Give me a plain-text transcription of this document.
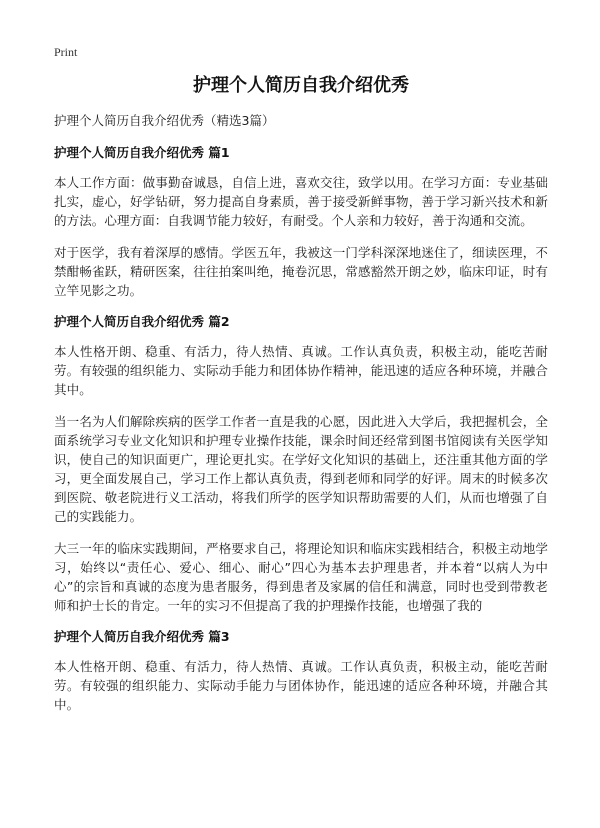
Print
护理个人简历自我介绍优秀

护理个人简历自我介绍优秀（精选3篇）

护理个人简历自我介绍优秀 篇1

本人工作方面：做事勤奋诚恳，自信上进，喜欢交往，致学以用。在学习方面：专业基础扎实，虚心，好学钻研，努力提高自身素质，善于接受新鲜事物，善于学习新兴技术和新的方法。心理方面：自我调节能力较好，有耐受。个人亲和力较好，善于沟通和交流。

对于医学，我有着深厚的感情。学医五年，我被这一门学科深深地迷住了，细读医理，不禁酣畅雀跃，精研医案，往往拍案叫绝，掩卷沉思，常感豁然开朗之妙，临床印证，时有立竿见影之功。

护理个人简历自我介绍优秀 篇2

本人性格开朗、稳重、有活力，待人热情、真诚。工作认真负责，积极主动，能吃苦耐劳。有较强的组织能力、实际动手能力和团体协作精神，能迅速的适应各种环境，并融合其中。

当一名为人们解除疾病的医学工作者一直是我的心愿，因此进入大学后，我把握机会，全面系统学习专业文化知识和护理专业操作技能，课余时间还经常到图书馆阅读有关医学知识，使自己的知识面更广，理论更扎实。在学好文化知识的基础上，还注重其他方面的学习，更全面发展自己，学习工作上都认真负责，得到老师和同学的好评。周末的时候多次到医院、敬老院进行义工活动，将我们所学的医学知识帮助需要的人们，从而也增强了自己的实践能力。

大三一年的临床实践期间，严格要求自己，将理论知识和临床实践相结合，积极主动地学习，始终以“责任心、爱心、细心、耐心”四心为基本去护理患者，并本着“以病人为中心”的宗旨和真诚的态度为患者服务，得到患者及家属的信任和满意，同时也受到带教老师和护士长的肯定。一年的实习不但提高了我的护理操作技能，也增强了我的

护理个人简历自我介绍优秀 篇3

本人性格开朗、稳重、有活力，待人热情、真诚。工作认真负责，积极主动，能吃苦耐劳。有较强的组织能力、实际动手能力与团体协作，能迅速的适应各种环境，并融合其中。
